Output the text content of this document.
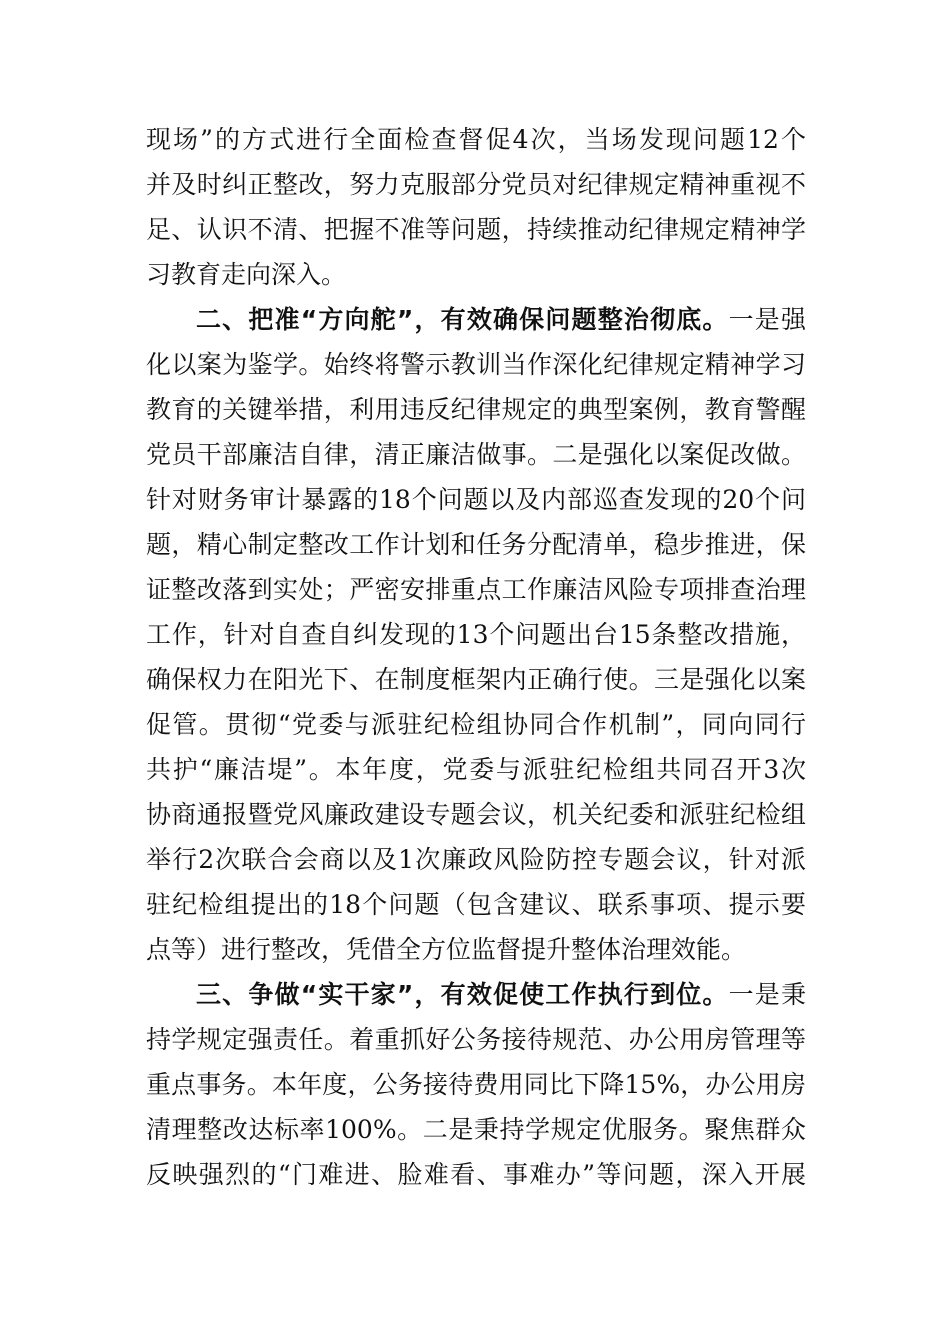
现场”的方式进行全面检查督促4次，当场发现问题12个
并及时纠正整改，努力克服部分党员对纪律规定精神重视不
足、认识不清、把握不准等问题，持续推动纪律规定精神学
习教育走向深入。
二、把准“方向舵”，有效确保问题整治彻底。一是强
化以案为鉴学。始终将警示教训当作深化纪律规定精神学习
教育的关键举措，利用违反纪律规定的典型案例，教育警醒
党员干部廉洁自律，清正廉洁做事。二是强化以案促改做。
针对财务审计暴露的18个问题以及内部巡查发现的20个问
题，精心制定整改工作计划和任务分配清单，稳步推进，保
证整改落到实处；严密安排重点工作廉洁风险专项排查治理
工作，针对自查自纠发现的13个问题出台15条整改措施，
确保权力在阳光下、在制度框架内正确行使。三是强化以案
促管。贯彻“党委与派驻纪检组协同合作机制”，同向同行
共护“廉洁堤”。本年度，党委与派驻纪检组共同召开3次
协商通报暨党风廉政建设专题会议，机关纪委和派驻纪检组
举行2次联合会商以及1次廉政风险防控专题会议，针对派
驻纪检组提出的18个问题（包含建议、联系事项、提示要
点等）进行整改，凭借全方位监督提升整体治理效能。
三、争做“实干家”，有效促使工作执行到位。一是秉
持学规定强责任。着重抓好公务接待规范、办公用房管理等
重点事务。本年度，公务接待费用同比下降15%，办公用房
清理整改达标率100%。二是秉持学规定优服务。聚焦群众
反映强烈的“门难进、脸难看、事难办”等问题，深入开展
